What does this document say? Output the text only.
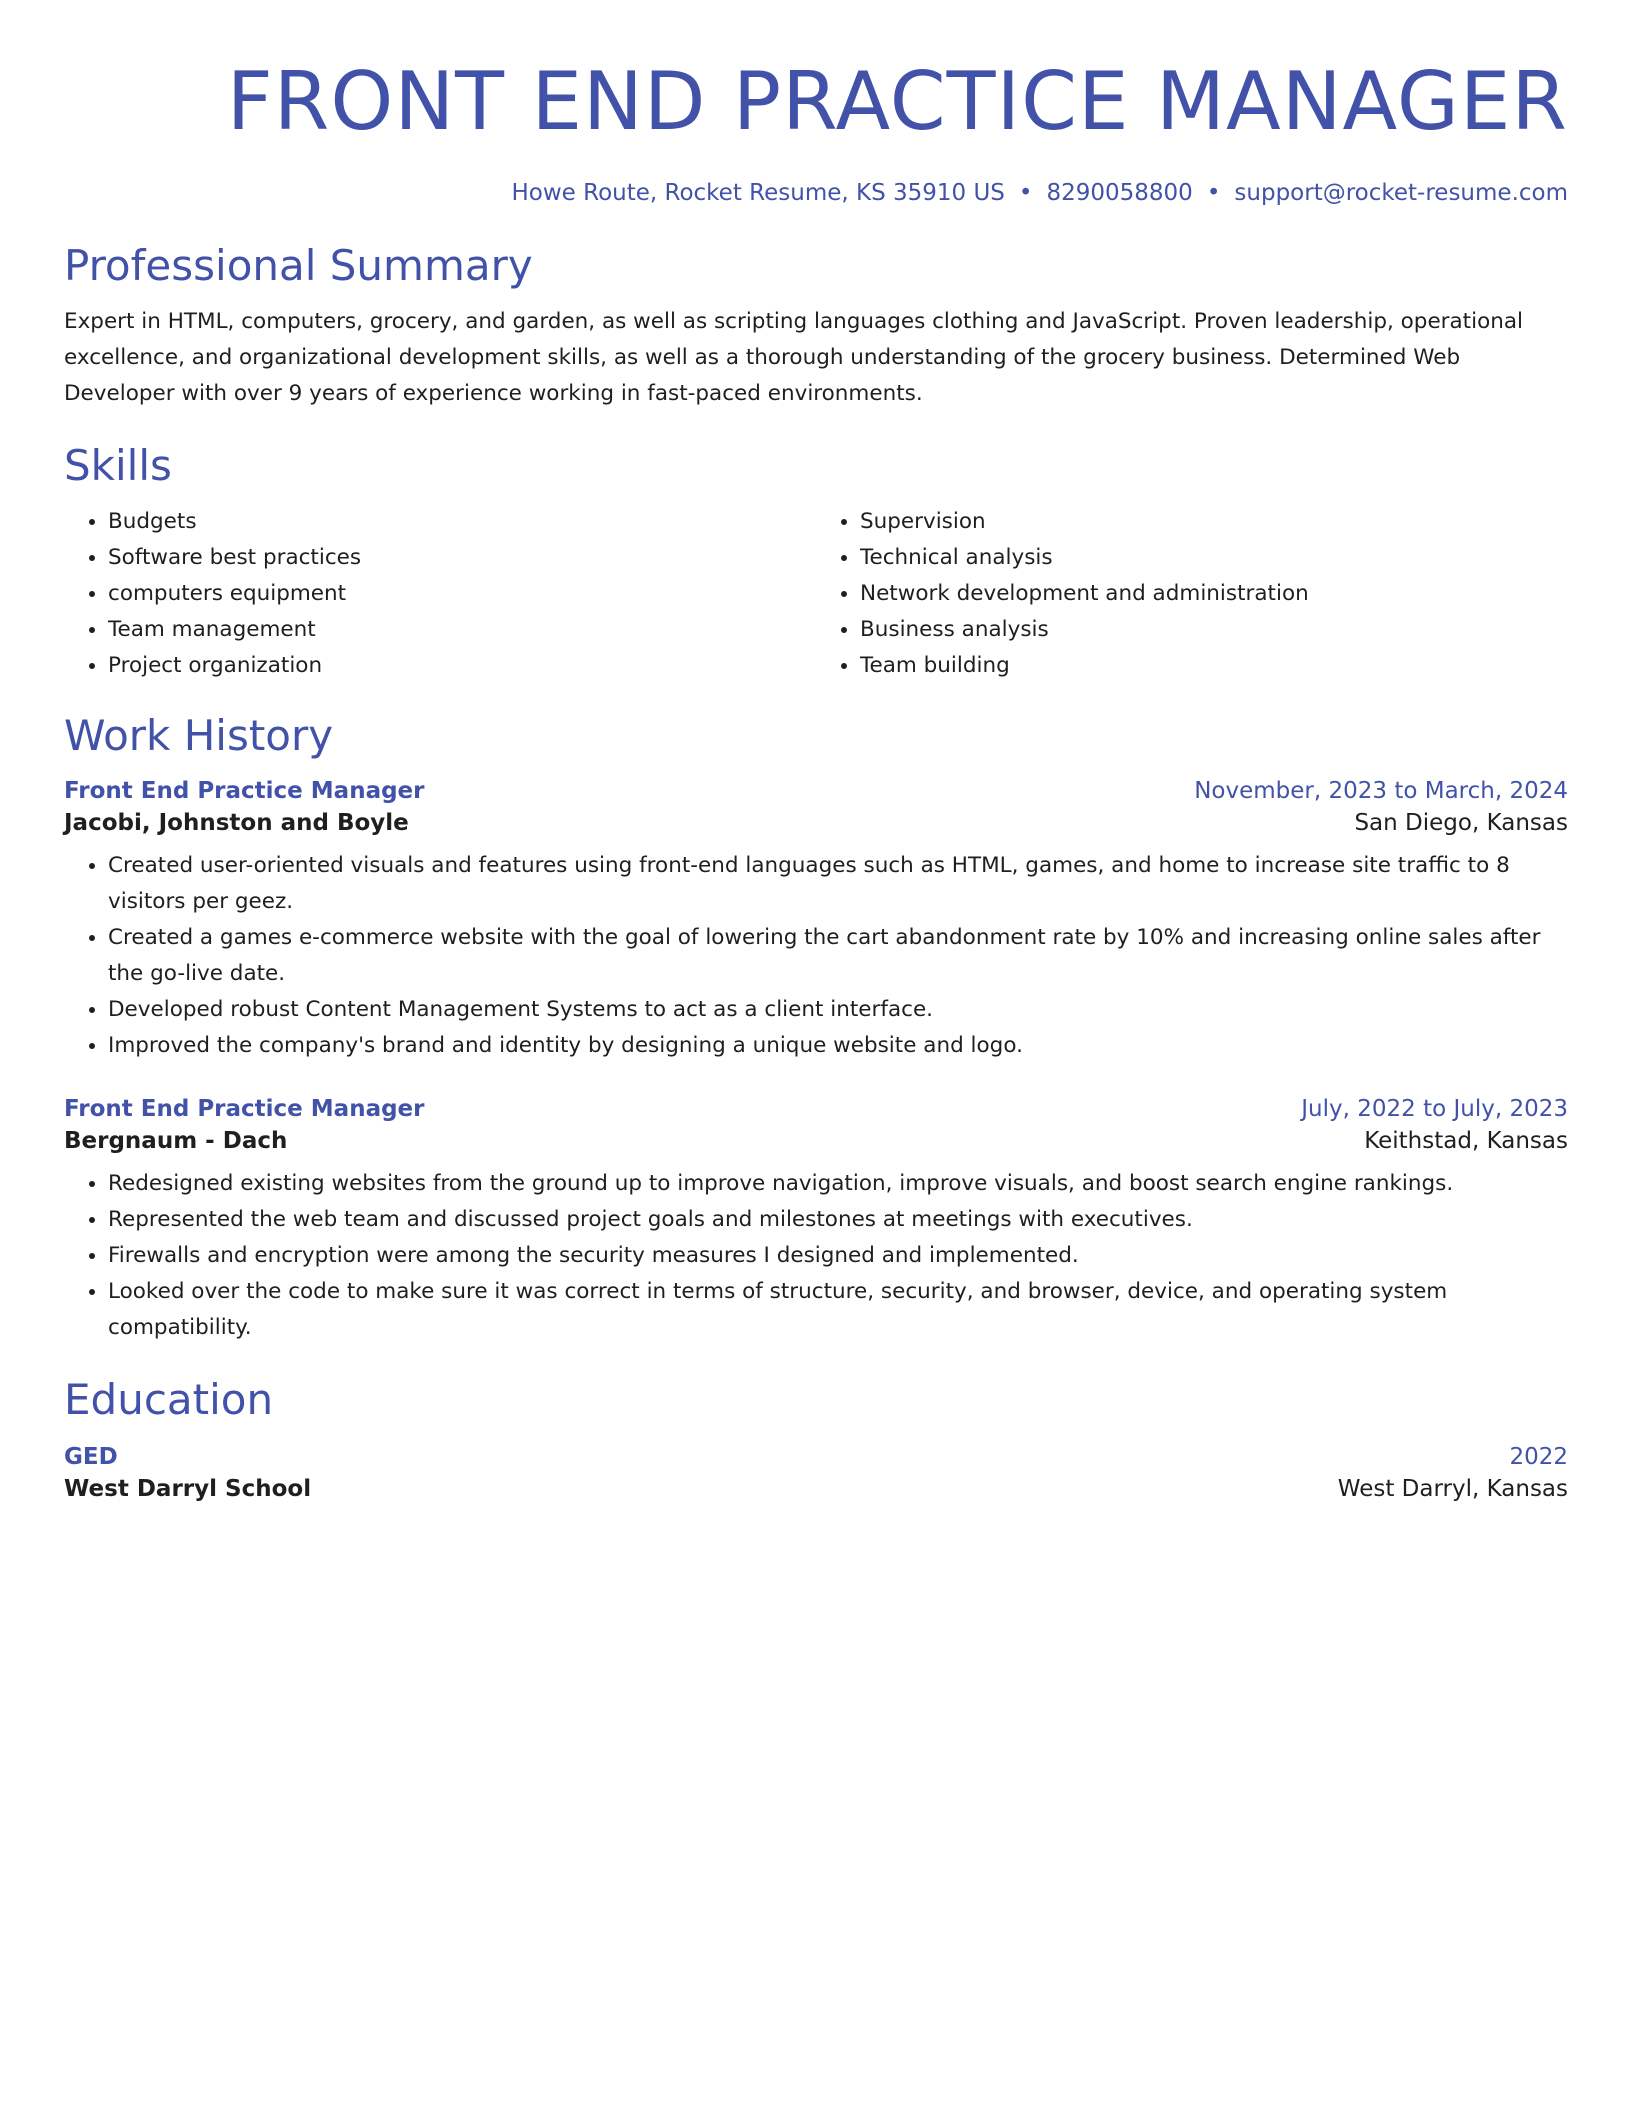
FRONT END PRACTICE MANAGER
Howe Route, Rocket Resume, KS 35910 US • 8290058800 • support@rocket-resume.com
Professional Summary
Expert in HTML, computers, grocery, and garden, as well as scripting languages clothing and JavaScript. Proven leadership, operational excellence, and organizational development skills, as well as a thorough understanding of the grocery business. Determined Web Developer with over 9 years of experience working in fast-paced environments.
Skills
• Budgets
• Software best practices
• computers equipment
• Team management
• Project organization
• Supervision
• Technical analysis
• Network development and administration
• Business analysis
• Team building
Work History
Front End Practice Manager	November, 2023 to March, 2024
Jacobi, Johnston and Boyle	San Diego, Kansas
• Created user-oriented visuals and features using front-end languages such as HTML, games, and home to increase site traffic to 8 visitors per geez.
• Created a games e-commerce website with the goal of lowering the cart abandonment rate by 10% and increasing online sales after the go-live date.
• Developed robust Content Management Systems to act as a client interface.
• Improved the company's brand and identity by designing a unique website and logo.
Front End Practice Manager	July, 2022 to July, 2023
Bergnaum - Dach	Keithstad, Kansas
• Redesigned existing websites from the ground up to improve navigation, improve visuals, and boost search engine rankings.
• Represented the web team and discussed project goals and milestones at meetings with executives.
• Firewalls and encryption were among the security measures I designed and implemented.
• Looked over the code to make sure it was correct in terms of structure, security, and browser, device, and operating system compatibility.
Education
GED	2022
West Darryl School	West Darryl, Kansas
